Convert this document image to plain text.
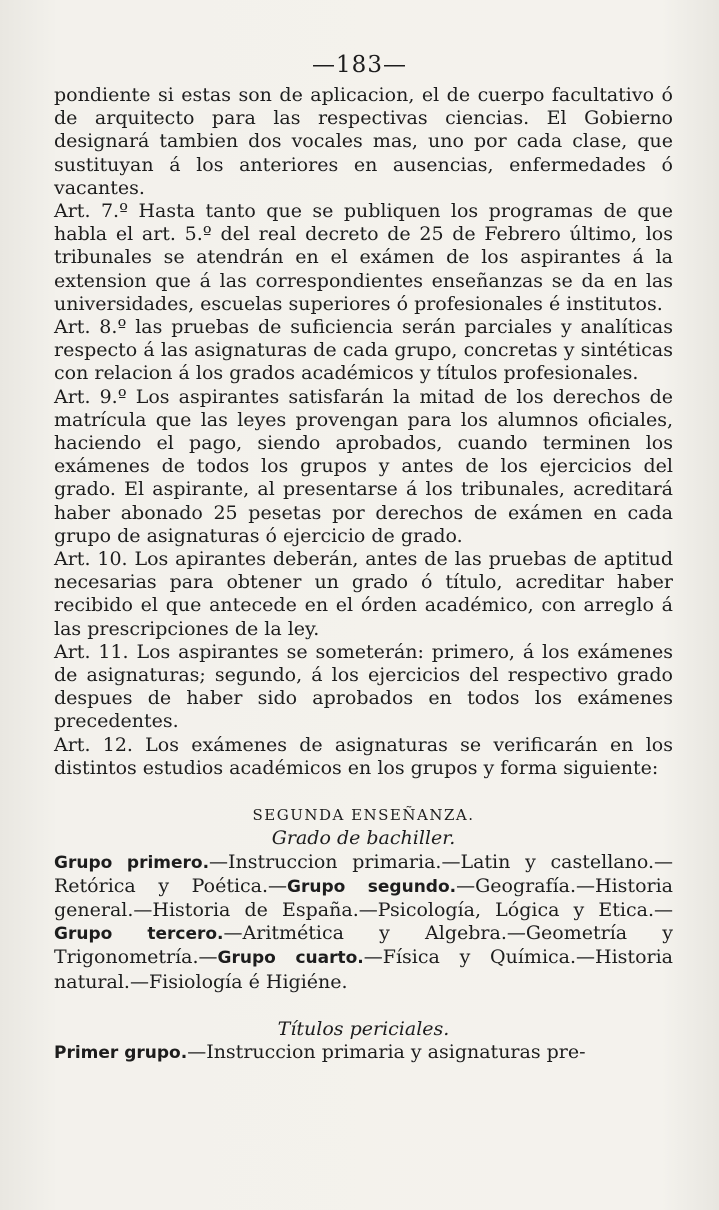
—183—

pondiente si estas son de aplicacion, el de cuerpo facultativo ó de arquitecto para las respectivas ciencias. El Gobierno designará tambien dos vocales mas, uno por cada clase, que sustituyan á los anteriores en ausencias, enfermedades ó vacantes.

Art. 7.º Hasta tanto que se publiquen los programas de que habla el art. 5.º del real decreto de 25 de Febrero último, los tribunales se atendrán en el exámen de los aspirantes á la extension que á las correspondientes enseñanzas se da en las universidades, escuelas superiores ó profesionales é institutos.

Art. 8.º las pruebas de suficiencia serán parciales y analíticas respecto á las asignaturas de cada grupo, concretas y sintéticas con relacion á los grados académicos y títulos profesionales.

Art. 9.º Los aspirantes satisfarán la mitad de los derechos de matrícula que las leyes provengan para los alumnos oficiales, haciendo el pago, siendo aprobados, cuando terminen los exámenes de todos los grupos y antes de los ejercicios del grado. El aspirante, al presentarse á los tribunales, acreditará haber abonado 25 pesetas por derechos de exámen en cada grupo de asignaturas ó ejercicio de grado.

Art. 10. Los apirantes deberán, antes de las pruebas de aptitud necesarias para obtener un grado ó título, acreditar haber recibido el que antecede en el órden académico, con arreglo á las prescripciones de la ley.

Art. 11. Los aspirantes se someterán: primero, á los exámenes de asignaturas; segundo, á los ejercicios del respectivo grado despues de haber sido aprobados en todos los exámenes precedentes.

Art. 12. Los exámenes de asignaturas se verificarán en los distintos estudios académicos en los grupos y forma siguiente:

SEGUNDA ENSEÑANZA.

Grado de bachiller.

Grupo primero.—Instruccion primaria.—Latin y castellano.—Retórica y Poética.—Grupo segundo.—Geografía.—Historia general.—Historia de España.—Psicología, Lógica y Etica.—Grupo tercero.—Aritmética y Algebra.—Geometría y Trigonometría.—Grupo cuarto.—Física y Química.—Historia natural.—Fisiología é Higiéne.

Títulos periciales.

Primer grupo.—Instruccion primaria y asignaturas pre-
